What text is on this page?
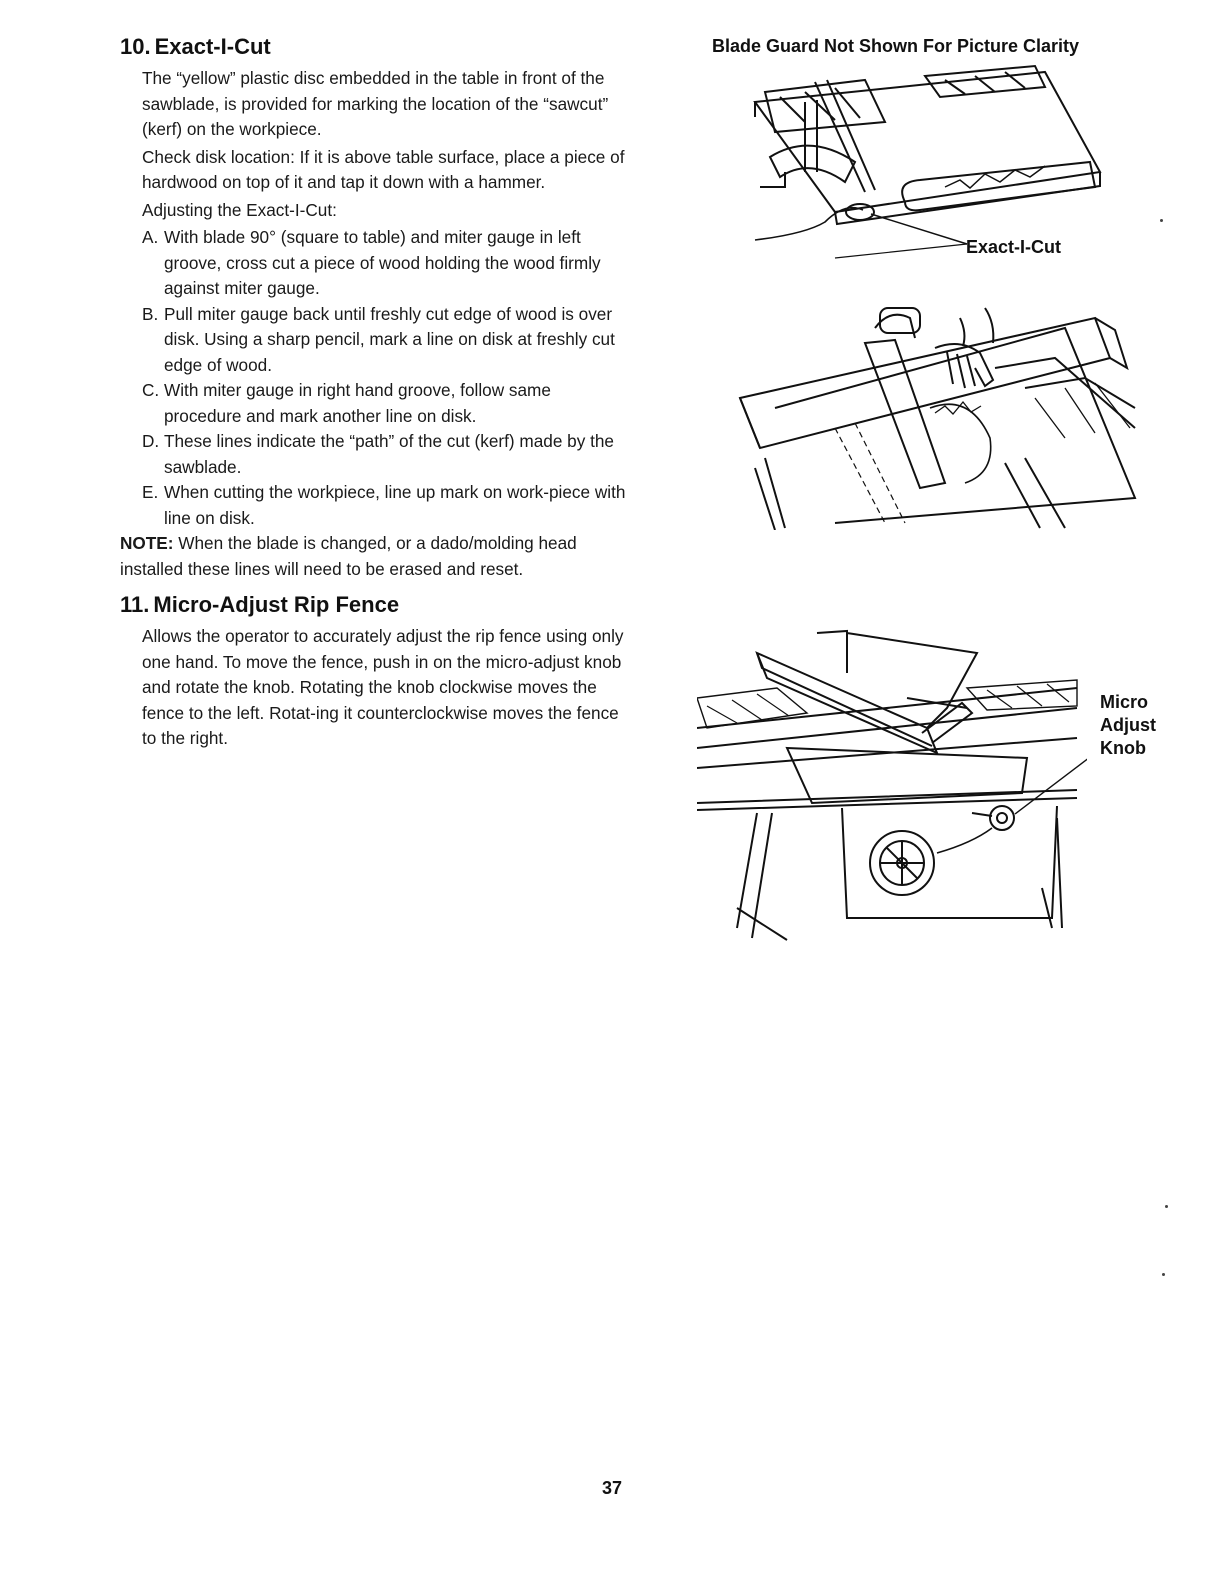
10. Exact-I-Cut

The “yellow” plastic disc embedded in the table in front of the sawblade, is provided for marking the location of the “sawcut” (kerf) on the workpiece.

Check disk location: If it is above table surface, place a piece of hardwood on top of it and tap it down with a hammer.

Adjusting the Exact-I-Cut:

A. With blade 90° (square to table) and miter gauge in left groove, cross cut a piece of wood holding the wood firmly against miter gauge.
B. Pull miter gauge back until freshly cut edge of wood is over disk. Using a sharp pencil, mark a line on disk at freshly cut edge of wood.
C. With miter gauge in right hand groove, follow same procedure and mark another line on disk.
D. These lines indicate the “path” of the cut (kerf) made by the sawblade.
E. When cutting the workpiece, line up mark on work-piece with line on disk.

NOTE: When the blade is changed, or a dado/molding head installed these lines will need to be erased and reset.

11. Micro-Adjust Rip Fence

Allows the operator to accurately adjust the rip fence using only one hand. To move the fence, push in on the micro-adjust knob and rotate the knob. Rotating the knob clockwise moves the fence to the left. Rotat-ing it counterclockwise moves the fence to the right.

Blade Guard Not Shown For Picture Clarity
Exact-I-Cut
Micro
Adjust
Knob
37
